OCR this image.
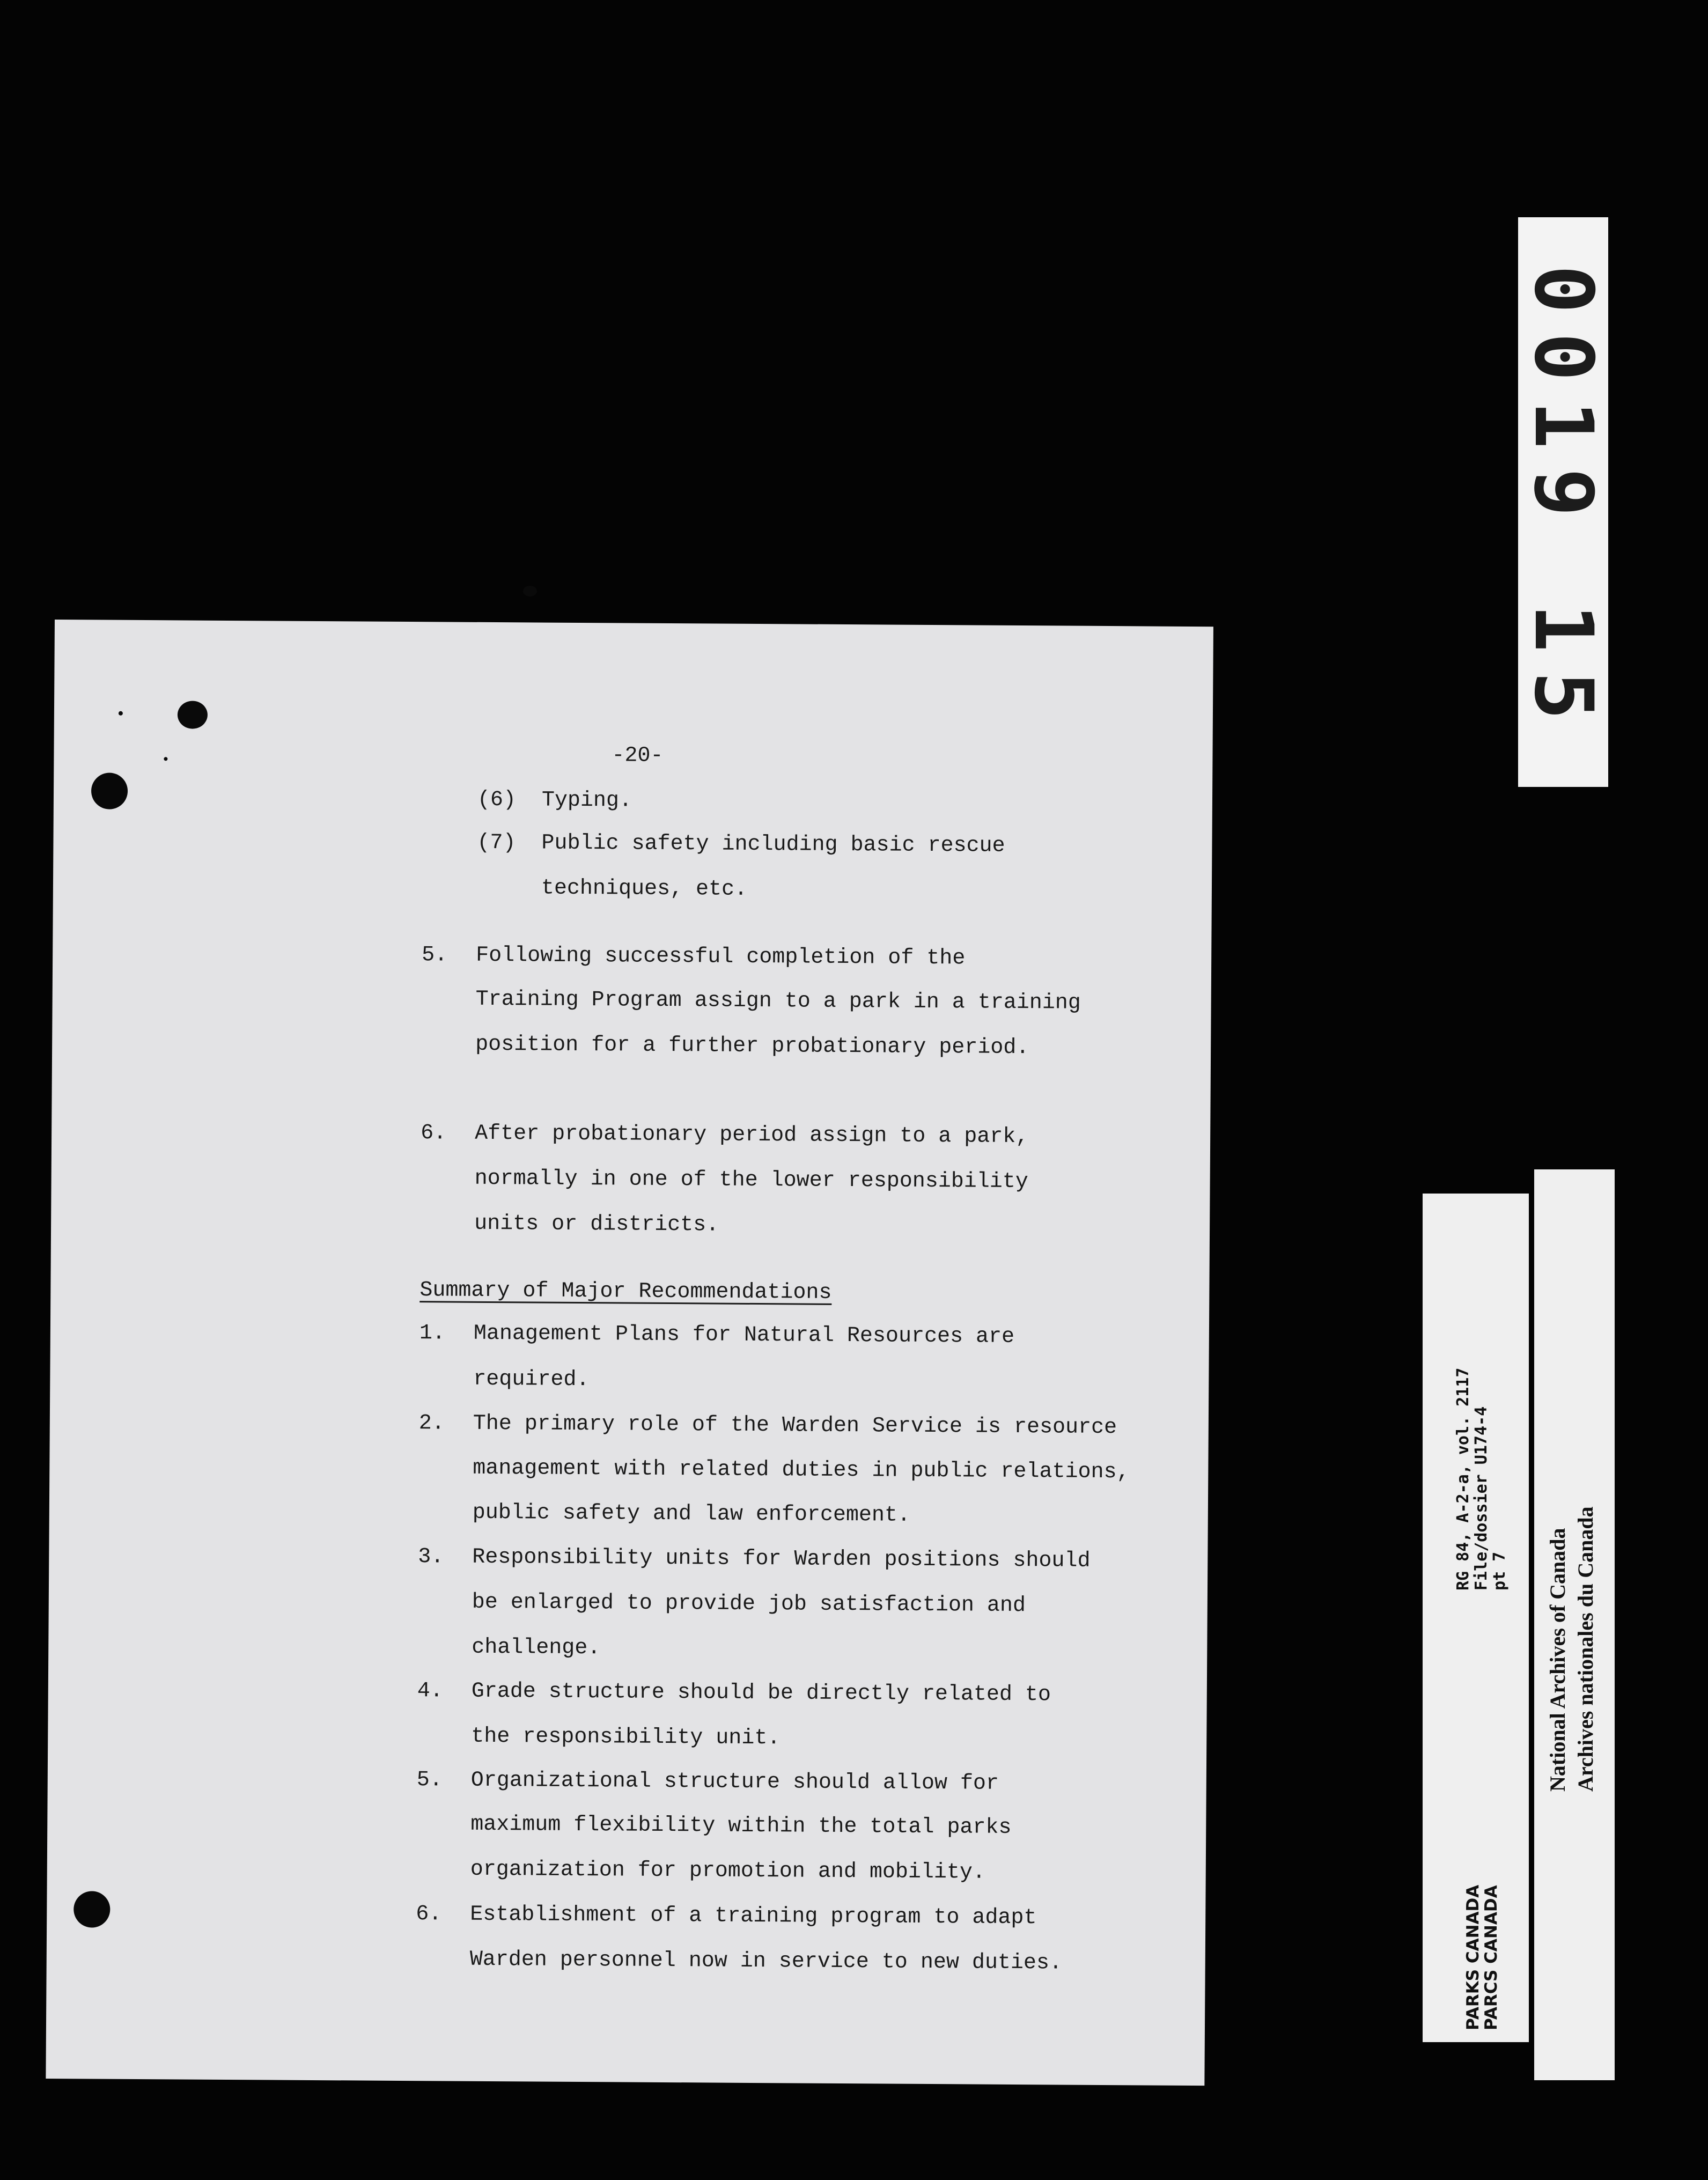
-20-
(6)  Typing.
(7)  Public safety including basic rescue
techniques, etc.
5. Following successful completion of the
Training Program assign to a park in a training
position for a further probationary period.
6. After probationary period assign to a park,
normally in one of the lower responsibility
units or districts.
Summary of Major Recommendations
1. Management Plans for Natural Resources are
required.
2. The primary role of the Warden Service is resource
management with related duties in public relations,
public safety and law enforcement.
3. Responsibility units for Warden positions should
be enlarged to provide job satisfaction and
challenge.
4. Grade structure should be directly related to
the responsibility unit.
5. Organizational structure should allow for
maximum flexibility within the total parks
organization for promotion and mobility.
6. Establishment of a training program to adapt
Warden personnel now in service to new duties.
0019 15
PARKS CANADA
PARCS CANADA
RG 84, A-2-a, vol. 2117 File/dossier U174-4 pt 7 National Archives of Canada Archives nationales du Canada
